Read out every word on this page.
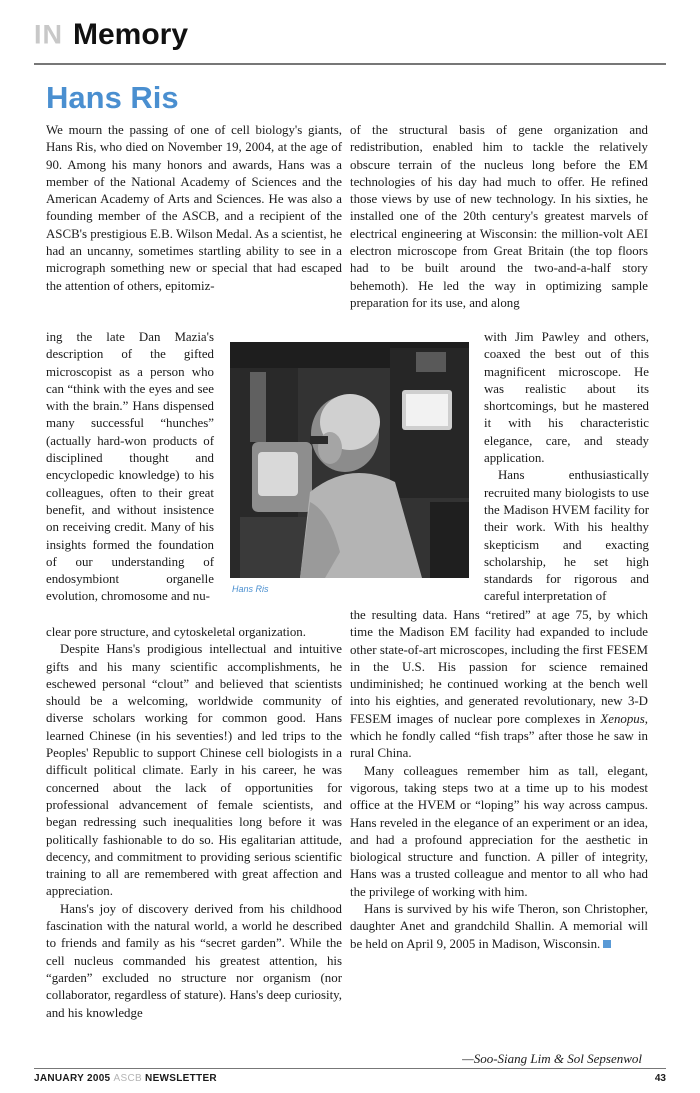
IN Memory
Hans Ris

We mourn the passing of one of cell biology's giants, Hans Ris, who died on November 19, 2004, at the age of 90. Among his many honors and awards, Hans was a member of the National Academy of Sciences and the American Academy of Arts and Sciences. He was also a founding member of the ASCB, and a recipient of the ASCB's prestigious E.B. Wilson Medal. As a scientist, he had an uncanny, sometimes startling ability to see in a micrograph something new or special that had escaped the attention of others, epitomiz-

ing the late Dan Mazia's description of the gifted microscopist as a person who can “think with the eyes and see with the brain.” Hans dispensed many successful “hunches” (actually hard-won products of disciplined thought and encyclopedic knowledge) to his colleagues, often to their great benefit, and without insistence on receiving credit. Many of his insights formed the foundation of our understanding of endosymbiont organelle evolution, chromosome and nu-

clear pore structure, and cytoskeletal organization.

Despite Hans's prodigious intellectual and intuitive gifts and his many scientific accomplishments, he eschewed personal “clout” and believed that scientists should be a welcoming, worldwide community of diverse scholars working for common good. Hans learned Chinese (in his seventies!) and led trips to the Peoples' Republic to support Chinese cell biologists in a difficult political climate. Early in his career, he was concerned about the lack of opportunities for professional advancement of female scientists, and began redressing such inequalities long before it was politically fashionable to do so. His egalitarian attitude, decency, and commitment to providing serious scientific training to all are remembered with great affection and appreciation.

Hans's joy of discovery derived from his childhood fascination with the natural world, a world he described to friends and family as his “secret garden”. While the cell nucleus commanded his greatest attention, his “garden” excluded no structure nor organism (nor collaborator, regardless of stature). Hans's deep curiosity, and his knowledge

of the structural basis of gene organization and redistribution, enabled him to tackle the relatively obscure terrain of the nucleus long before the EM technologies of his day had much to offer. He refined those views by use of new technology. In his sixties, he installed one of the 20th century's greatest marvels of electrical engineering at Wisconsin: the million-volt AEI electron microscope from Great Britain (the top floors had to be built around the two-and-a-half story behemoth). He led the way in optimizing sample preparation for its use, and along

with Jim Pawley and others, coaxed the best out of this magnificent microscope. He was realistic about its shortcomings, but he mastered it with his characteristic elegance, care, and steady application.

Hans enthusiastically recruited many biologists to use the Madison HVEM facility for their work. With his healthy skepticism and exacting scholarship, he set high standards for rigorous and careful interpretation of

the resulting data. Hans “retired” at age 75, by which time the Madison EM facility had expanded to include other state-of-art microscopes, including the first FESEM in the U.S. His passion for science remained undiminished; he continued working at the bench well into his eighties, and generated revolutionary, new 3-D FESEM images of nuclear pore complexes in Xenopus, which he fondly called “fish traps” after those he saw in rural China.

Many colleagues remember him as tall, elegant, vigorous, taking steps two at a time up to his modest office at the HVEM or “loping” his way across campus. Hans reveled in the elegance of an experiment or an idea, and had a profound appreciation for the aesthetic in biological structure and function. A piller of integrity, Hans was a trusted colleague and mentor to all who had the privilege of working with him.

Hans is survived by his wife Theron, son Christopher, daughter Anet and grandchild Shallin. A memorial will be held on April 9, 2005 in Madison, Wisconsin.

Hans Ris
—Soo-Siang Lim & Sol Sepsenwol
JANUARY 2005 ASCB NEWSLETTER	43
